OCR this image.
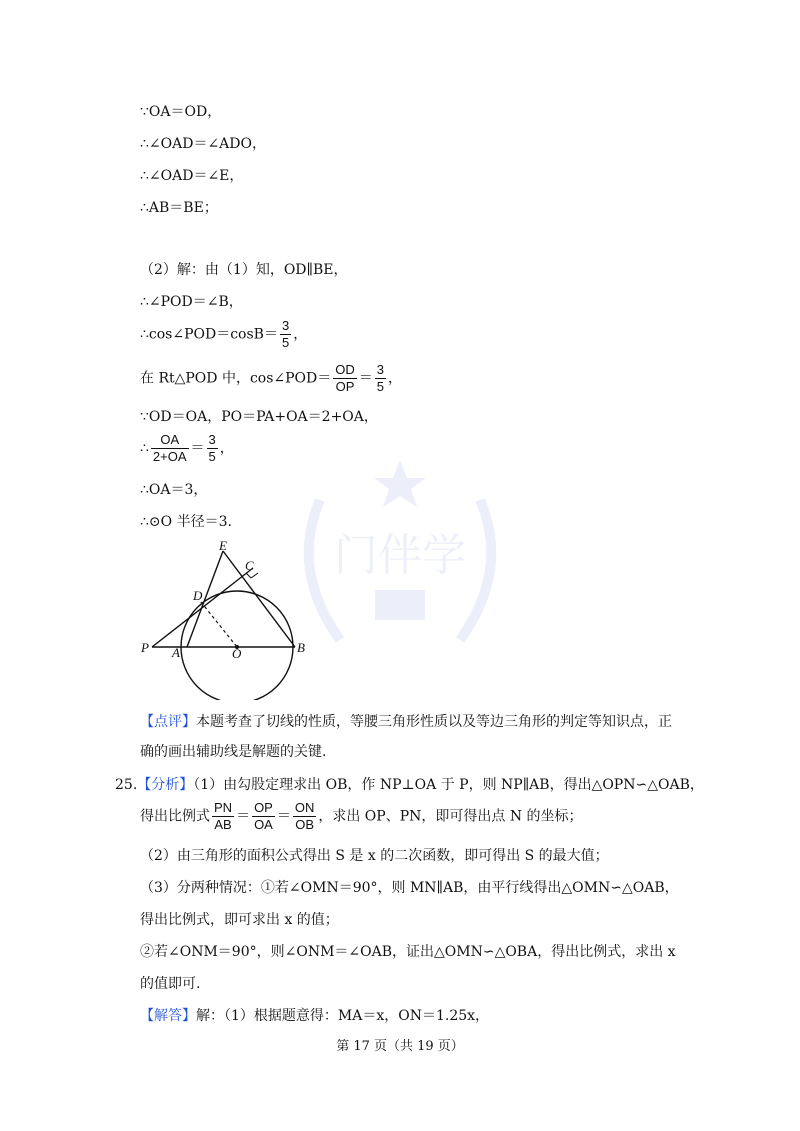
门伴学
∵OA＝OD，
∴∠OAD＝∠ADO，
∴∠OAD＝∠E，
∴AB＝BE；
（2）解：由（1）知，OD∥BE，
∴∠POD＝∠B，
∴cos∠POD＝cosB＝ $\frac{3}{5}$ ，
在 Rt△POD 中，cos∠POD＝ $\frac{OD}{OP} = \frac{3}{5}$ ，
∵OD＝OA，PO＝PA+OA＝2+OA，
∴ $\frac{OA}{2+OA} = \frac{3}{5}$ ，
∴OA＝3，
∴⊙O 半径＝3.
E
C
D
P A	O	B
【点评】本题考查了切线的性质，等腰三角形性质以及等边三角形的判定等知识点，正
确的画出辅助线是解题的关键.
25.【分析】（1）由勾股定理求出 OB，作 NP⊥OA 于 P，则 NP∥AB，得出△OPN∽△OAB，
得出比例式 $\frac{PN}{AB} = \frac{OP}{OA} = \frac{ON}{OB}$ ，求出 OP、PN，即可得出点 N 的坐标；
（2）由三角形的面积公式得出 S 是 x 的二次函数，即可得出 S 的最大值；
（3）分两种情况：①若∠OMN＝90°，则 MN∥AB，由平行线得出△OMN∽△OAB，
得出比例式，即可求出 x 的值；
②若∠ONM＝90°，则∠ONM＝∠OAB，证出△OMN∽△OBA，得出比例式，求出 x
的值即可.
【解答】解：（1）根据题意得：MA＝x，ON＝1.25x，
第 17 页（共 19 页）
